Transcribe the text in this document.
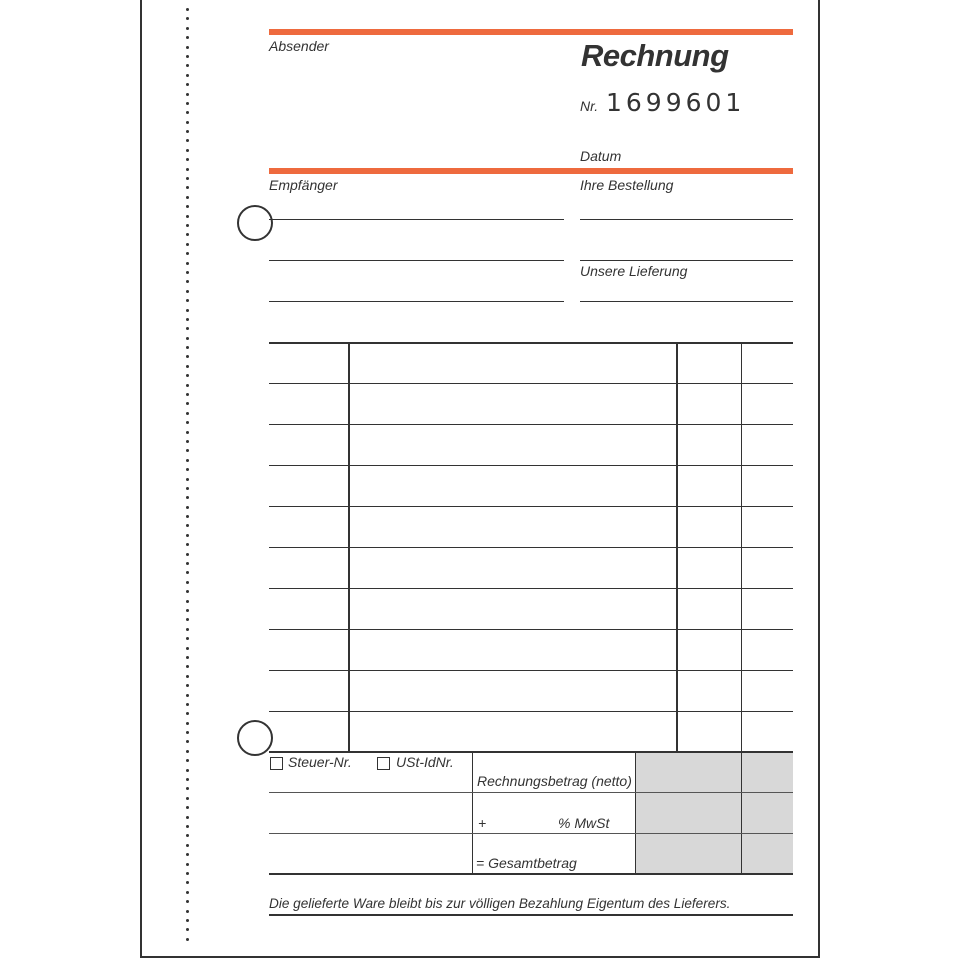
Absender	Rechnung
Nr. 1699601
Datum
Empfänger	Ihre Bestellung
Unsere Lieferung
Steuer-Nr.	USt-IdNr.
Rechnungsbetrag (netto)
+	% MwSt
= Gesamtbetrag
Die gelieferte Ware bleibt bis zur völligen Bezahlung Eigentum des Lieferers.
